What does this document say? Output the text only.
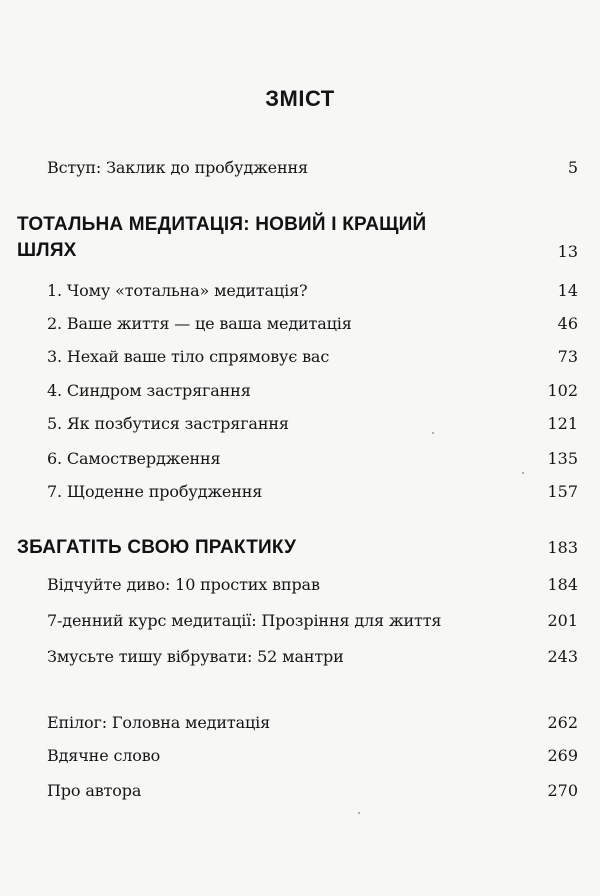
ЗМІСТ
Вступ: Заклик до пробудження	5
ТОТАЛЬНА МЕДИТАЦІЯ: НОВИЙ І КРАЩИЙ
ШЛЯХ	13
1. Чому «тотальна» медитація?	14
2. Ваше життя — це ваша медитація	46
3. Нехай ваше тіло спрямовує вас	73
4. Синдром застрягання	102
5. Як позбутися застрягання	121
6. Самоствердження	135
7. Щоденне пробудження	157
ЗБАГАТІТЬ СВОЮ ПРАКТИКУ	183
Відчуйте диво: 10 простих вправ	184
7-денний курс медитації: Прозріння для життя	201
Змусьте тишу вібрувати: 52 мантри	243
Епілог: Головна медитація	262
Вдячне слово	269
Про автора	270
